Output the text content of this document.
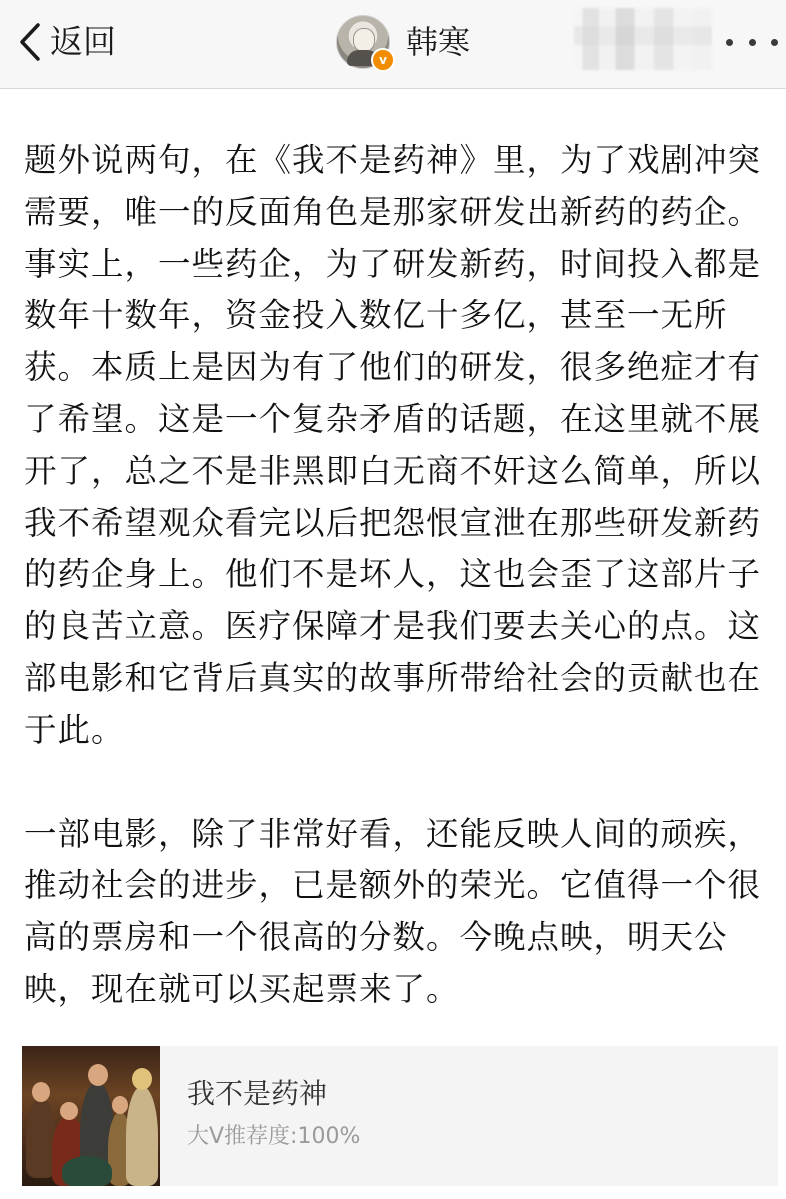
返回	v 韩寒

题外说两句，在《我不是药神》里，为了戏剧冲突需要，唯一的反面角色是那家研发出新药的药企。事实上，一些药企，为了研发新药，时间投入都是数年十数年，资金投入数亿十多亿，甚至一无所获。本质上是因为有了他们的研发，很多绝症才有了希望。这是一个复杂矛盾的话题，在这里就不展开了，总之不是非黑即白无商不奸这么简单，所以我不希望观众看完以后把怨恨宣泄在那些研发新药的药企身上。他们不是坏人，这也会歪了这部片子的良苦立意。医疗保障才是我们要去关心的点。这部电影和它背后真实的故事所带给社会的贡献也在于此。

一部电影，除了非常好看，还能反映人间的顽疾，推动社会的进步，已是额外的荣光。它值得一个很高的票房和一个很高的分数。今晚点映，明天公映，现在就可以买起票来了。

我不是药神
大V推荐度:100%
